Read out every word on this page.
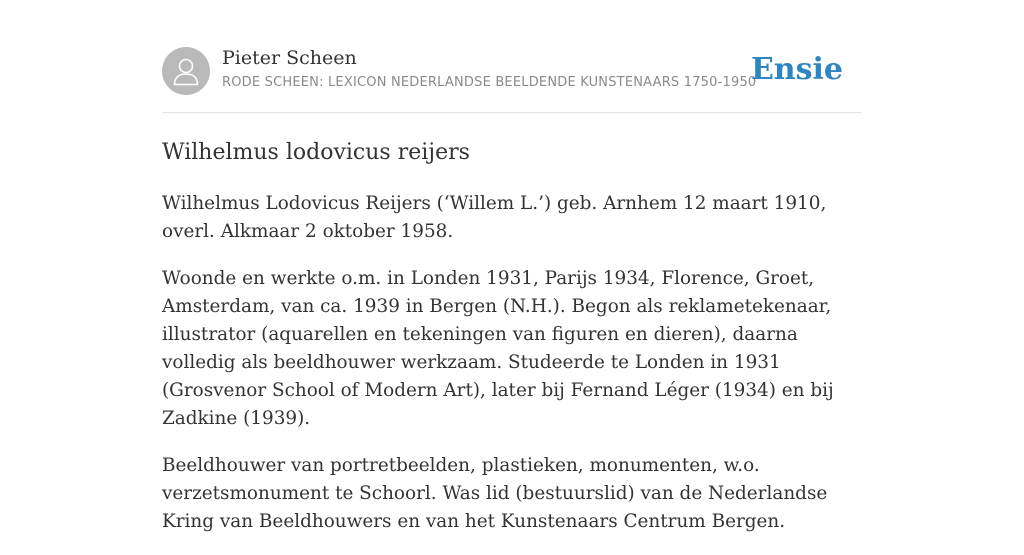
Pieter Scheen
RODE SCHEEN: LEXICON NEDERLANDSE BEELDENDE KUNSTENAARS 1750-1950
Ensie
Wilhelmus lodovicus reijers

Wilhelmus Lodovicus Reijers (‘Willem L.’) geb. Arnhem 12 maart 1910, overl. Alkmaar 2 oktober 1958.

Woonde en werkte o.m. in Londen 1931, Parijs 1934, Florence, Groet, Amsterdam, van ca. 1939 in Bergen (N.H.). Begon als reklametekenaar, illustrator (aquarellen en tekeningen van figuren en dieren), daarna volledig als beeldhouwer werkzaam. Studeerde te Londen in 1931 (Grosvenor School of Modern Art), later bij Fernand Léger (1934) en bij Zadkine (1939).

Beeldhouwer van portretbeelden, plastieken, monumenten, w.o. verzetsmonument te Schoorl. Was lid (bestuurslid) van de Nederlandse Kring van Beeldhouwers en van het Kunstenaars Centrum Bergen.
